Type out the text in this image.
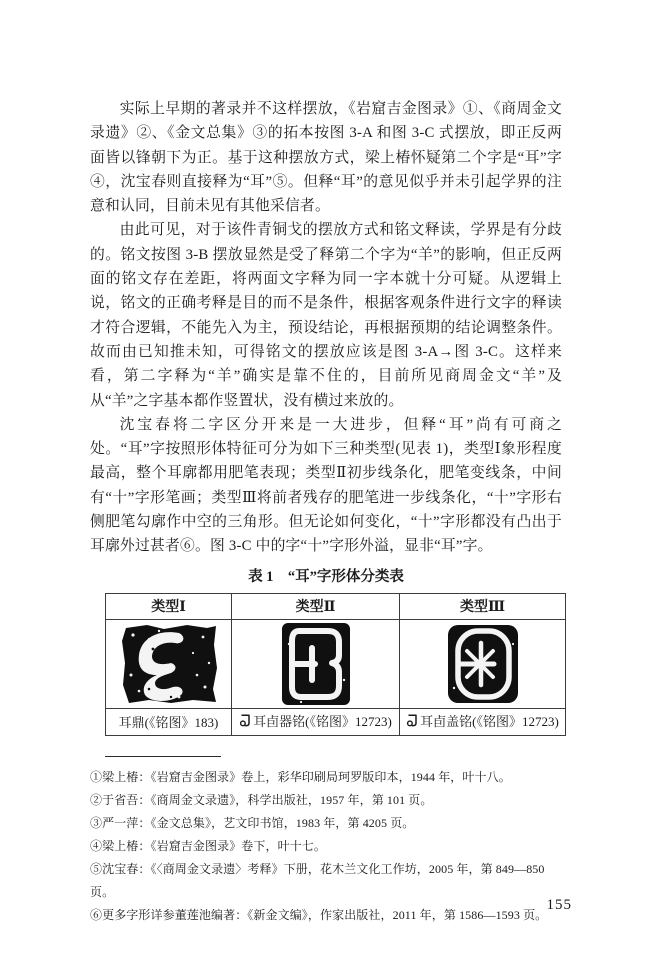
实际上早期的著录并不这样摆放，《岩窟吉金图录》①、《商周金文录遗》②、《金文总集》③的拓本按图 3-A 和图 3-C 式摆放，即正反两面皆以锋朝下为正。基于这种摆放方式，梁上椿怀疑第二个字是“耳”字④，沈宝春则直接释为“耳”⑤。但释“耳”的意见似乎并未引起学界的注意和认同，目前未见有其他采信者。

由此可见，对于该件青铜戈的摆放方式和铭文释读，学界是有分歧的。铭文按图 3-B 摆放显然是受了释第二个字为“羊”的影响，但正反两面的铭文存在差距，将两面文字释为同一字本就十分可疑。从逻辑上说，铭文的正确考释是目的而不是条件，根据客观条件进行文字的释读才符合逻辑，不能先入为主，预设结论，再根据预期的结论调整条件。故而由已知推未知，可得铭文的摆放应该是图 3-A→图 3-C。这样来看，第二字释为“羊”确实是靠不住的，目前所见商周金文“羊”及从“羊”之字基本都作竖置状，没有横过来放的。

沈宝春将二字区分开来是一大进步，但释“耳”尚有可商之处。“耳”字按照形体特征可分为如下三种类型(见表 1)，类型Ⅰ象形程度最高，整个耳廓都用肥笔表现；类型Ⅱ初步线条化，肥笔变线条，中间有“十”字形笔画；类型Ⅲ将前者残存的肥笔进一步线条化，“十”字形右侧肥笔勾廓作中空的三角形。但无论如何变化，“十”字形都没有凸出于耳廓外过甚者⑥。图 3-C 中的字“十”字形外溢，显非“耳”字。

表 1　“耳”字形体分类表
类型Ⅰ	类型Ⅱ	类型Ⅲ

耳鼎(《铭图》183)	耳卣器铭(《铭图》12723)	耳卣盖铭(《铭图》12723)

①梁上椿：《岩窟吉金图录》卷上，彩华印刷局珂罗版印本，1944 年，叶十八。

②于省吾：《商周金文录遗》，科学出版社，1957 年，第 101 页。

③严一萍：《金文总集》，艺文印书馆，1983 年，第 4205 页。

④梁上椿：《岩窟吉金图录》卷下，叶十七。

⑤沈宝春：《〈商周金文录遗〉考释》下册，花木兰文化工作坊，2005 年，第 849—850 页。

⑥更多字形详参董莲池编著：《新金文编》，作家出版社，2011 年，第 1586—1593 页。

155
